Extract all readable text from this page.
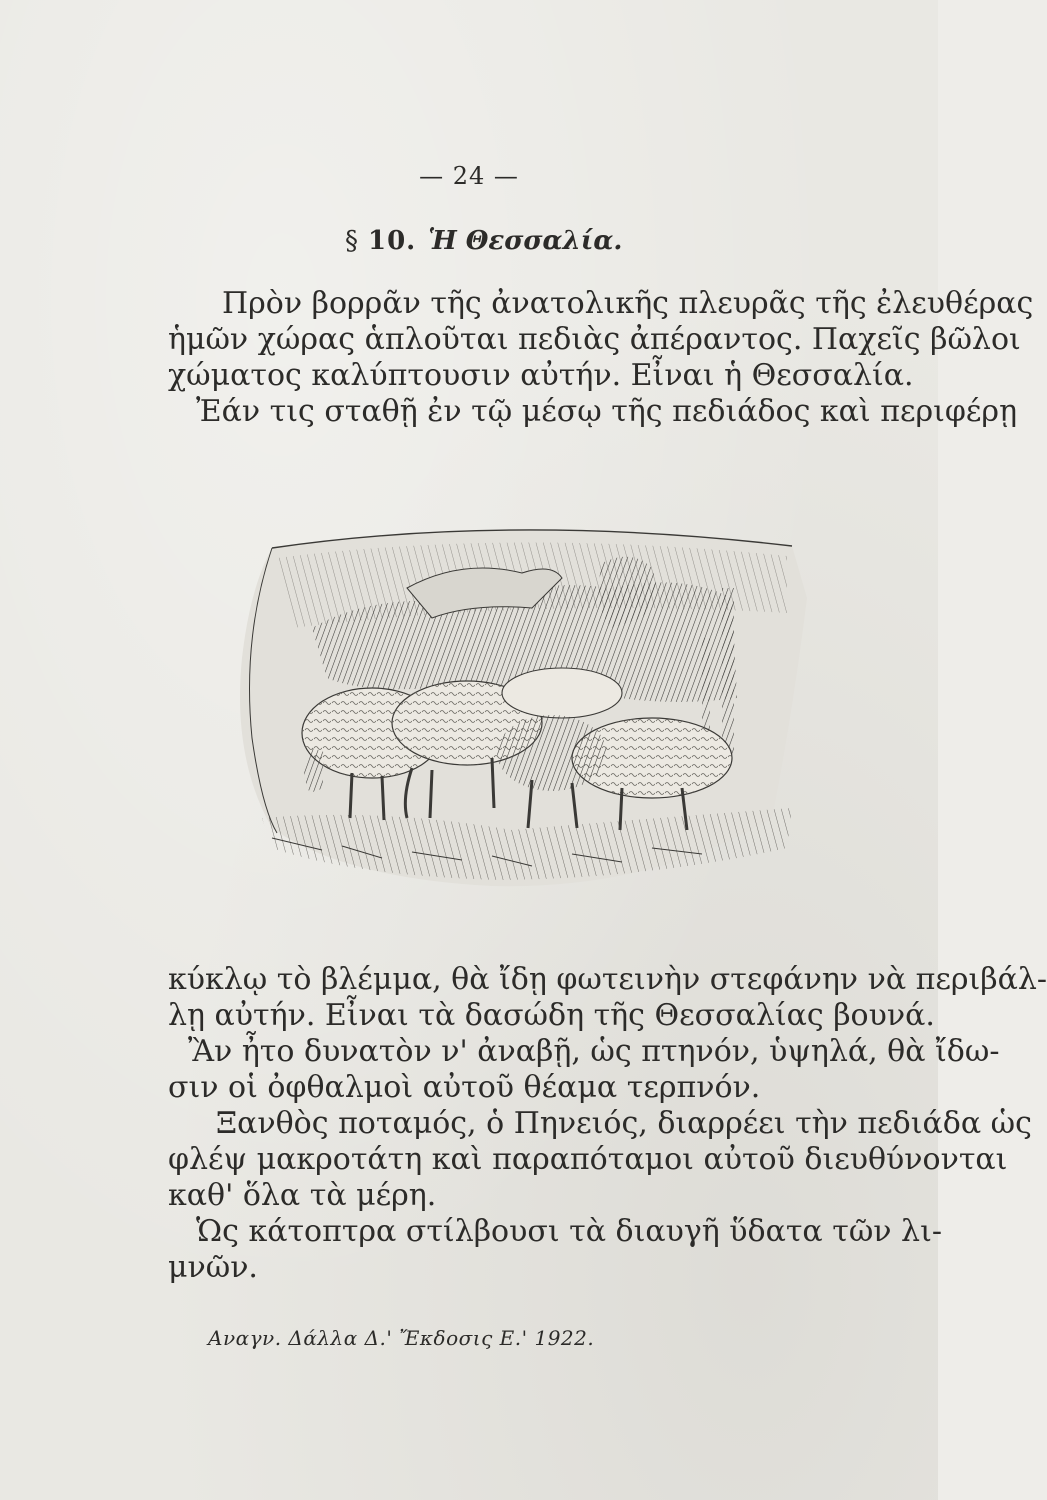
— 24 —
§ 10. Ἡ Θεσσαλία.

Πρὸν βορρᾶν τῆς ἀνατολικῆς πλευρᾶς τῆς ἐλευθέρας

ἡμῶν χώρας ἁπλοῦται πεδιὰς ἀπέραντος. Παχεῖς βῶλοι

χώματος καλύπτουσιν αὐτήν. Εἶναι ἡ Θεσσαλία.

Ἐάν τις σταθῇ ἐν τῷ μέσῳ τῆς πεδιάδος καὶ περιφέρῃ

κύκλῳ τὸ βλέμμα, θὰ ἴδῃ φωτεινὴν στεφάνην νὰ περιβάλ-

λῃ αὐτήν. Εἶναι τὰ δασώδη τῆς Θεσσαλίας βουνά.

Ἂν ἦτο δυνατὸν ν' ἀναβῇ, ὡς πτηνόν, ὑψηλά, θὰ ἴδω-

σιν οἱ ὀφθαλμοὶ αὐτοῦ θέαμα τερπνόν.

Ξανθὸς ποταμός, ὁ Πηνειός, διαρρέει τὴν πεδιάδα ὡς

φλέψ μακροτάτη καὶ παραπόταμοι αὐτοῦ διευθύνονται

καθ' ὅλα τὰ μέρη.

Ὡς κάτοπτρα στίλβουσι τὰ διαυγῆ ὕδατα τῶν λι-

μνῶν.

Αναγν. Δάλλα Δ.' Ἔκδοσις Ε.' 1922.
